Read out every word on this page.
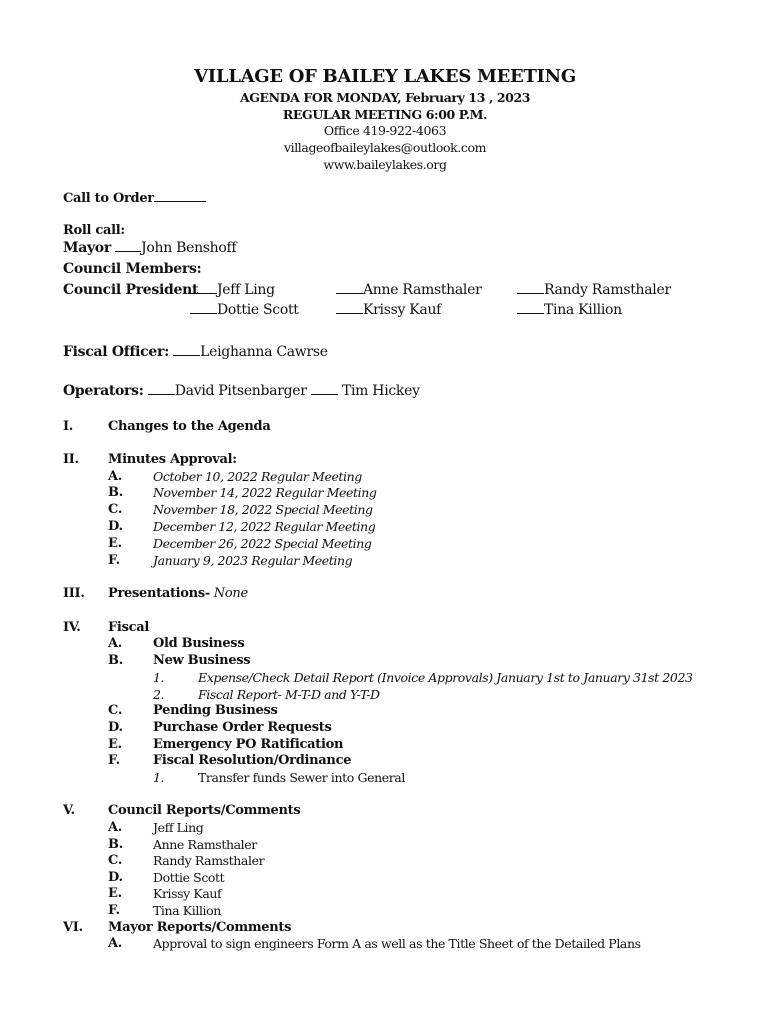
VILLAGE OF BAILEY LAKES MEETING
AGENDA FOR MONDAY, February 13 , 2023
REGULAR MEETING 6:00 P.M.
Office 419-922-4063
villageofbaileylakes@outlook.com
www.baileylakes.org
Call to Order
Roll call:
Mayor John Benshoff
Council Members:
Council President	Jeff Ling	Anne Ramsthaler	Randy Ramsthaler
Dottie Scott	Krissy Kauf	Tina Killion
Fiscal Officer: Leighanna Cawrse
Operators: David Pitsenbarger	Tim Hickey
I.	Changes to the Agenda
II. Minutes Approval:
A. October 10, 2022 Regular Meeting
B. November 14, 2022 Regular Meeting
C. November 18, 2022 Special Meeting
D. December 12, 2022 Regular Meeting
E. December 26, 2022 Special Meeting
F.	January 9, 2023 Regular Meeting
III. Presentations- None
IV. Fiscal
A. Old Business
B. New Business
1.	Expense/Check Detail Report (Invoice Approvals) January 1st to January 31st 2023
2.	Fiscal Report- M-T-D and Y-T-D
C. Pending Business
D. Purchase Order Requests
E. Emergency PO Ratification
F.	Fiscal Resolution/Ordinance
1.	Transfer funds Sewer into General
V.	Council Reports/Comments
A. Jeff Ling
B. Anne Ramsthaler
C. Randy Ramsthaler
D. Dottie Scott
E. Krissy Kauf
F.	Tina Killion
VI. Mayor Reports/Comments
A. Approval to sign engineers Form A as well as the Title Sheet of the Detailed Plans
